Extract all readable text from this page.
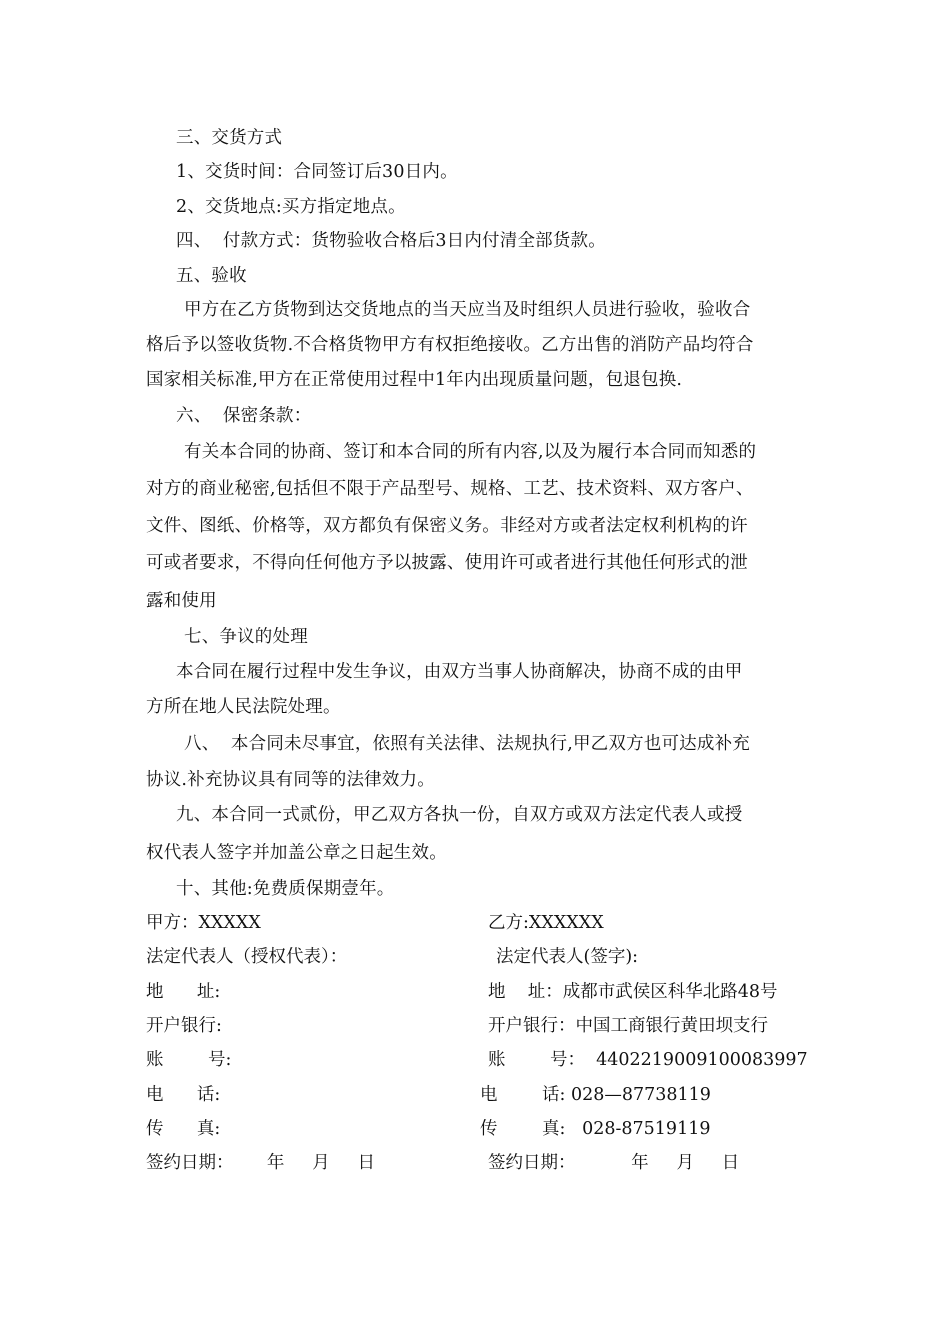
三、交货方式
1、交货时间：合同签订后30日内。
2、交货地点:买方指定地点。
四、  付款方式：货物验收合格后3日内付清全部货款。
五、验收
甲方在乙方货物到达交货地点的当天应当及时组织人员进行验收，验收合
格后予以签收货物.不合格货物甲方有权拒绝接收。乙方出售的消防产品均符合
国家相关标准,甲方在正常使用过程中1年内出现质量问题，包退包换.
六、  保密条款：
有关本合同的协商、签订和本合同的所有内容,以及为履行本合同而知悉的
对方的商业秘密,包括但不限于产品型号、规格、工艺、技术资料、双方客户、
文件、图纸、价格等，双方都负有保密义务。非经对方或者法定权利机构的许
可或者要求，不得向任何他方予以披露、使用许可或者进行其他任何形式的泄
露和使用
七、争议的处理
本合同在履行过程中发生争议，由双方当事人协商解决，协商不成的由甲
方所在地人民法院处理。
八、  本合同未尽事宜，依照有关法律、法规执行,甲乙双方也可达成补充
协议.补充协议具有同等的法律效力。
九、本合同一式贰份，甲乙双方各执一份，自双方或双方法定代表人或授
权代表人签字并加盖公章之日起生效。
十、其他:免费质保期壹年。
甲方：XXXXX
法定代表人（授权代表）：
地      址:
开户银行:
账        号:
电      话:
传      真:
签约日期：      年     月     日
乙方:XXXXXX
法定代表人(签字):
地    址：成都市武侯区科华北路48号
开户银行：中国工商银行黄田坝支行
账        号：  4402219009100083997
电        话: 028—87738119
传        真:   028-87519119
签约日期：          年     月     日
